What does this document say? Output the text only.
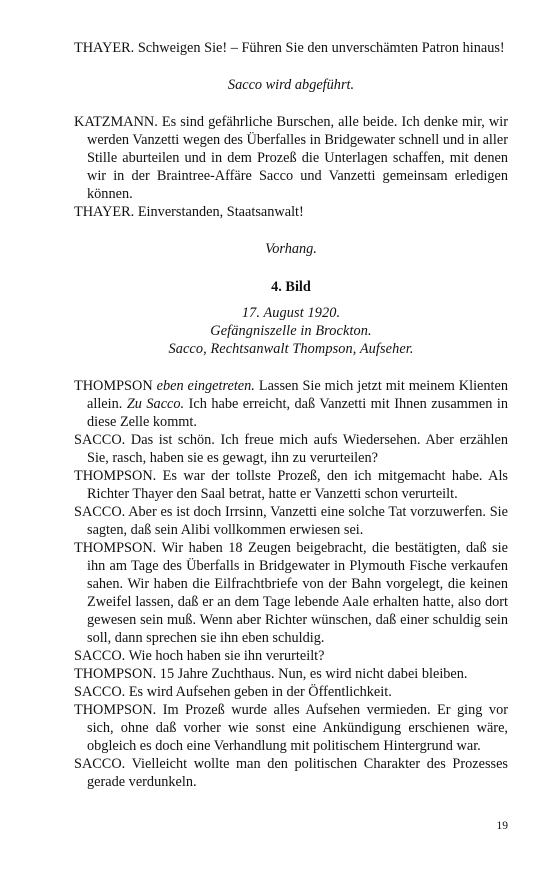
THAYER. Schweigen Sie! – Führen Sie den unverschämten Patron hinaus!

Sacco wird abgeführt.

KATZMANN. Es sind gefährliche Burschen, alle beide. Ich denke mir, wir werden Vanzetti wegen des Überfalles in Bridgewater schnell und in aller Stille aburteilen und in dem Prozeß die Unterlagen schaffen, mit denen wir in der Braintree-Affäre Sacco und Vanzetti gemeinsam erledigen können.

THAYER. Einverstanden, Staatsanwalt!

Vorhang.

4. Bild

17. August 1920.
Gefängniszelle in Brockton.
Sacco, Rechtsanwalt Thompson, Aufseher.

THOMPSON eben eingetreten. Lassen Sie mich jetzt mit meinem Klienten allein. Zu Sacco. Ich habe erreicht, daß Vanzetti mit Ihnen zusammen in diese Zelle kommt.

SACCO. Das ist schön. Ich freue mich aufs Wiedersehen. Aber erzählen Sie, rasch, haben sie es gewagt, ihn zu verurteilen?

THOMPSON. Es war der tollste Prozeß, den ich mitgemacht habe. Als Richter Thayer den Saal betrat, hatte er Vanzetti schon verurteilt.

SACCO. Aber es ist doch Irrsinn, Vanzetti eine solche Tat vorzuwerfen. Sie sagten, daß sein Alibi vollkommen erwiesen sei.

THOMPSON. Wir haben 18 Zeugen beigebracht, die bestätigten, daß sie ihn am Tage des Überfalls in Bridgewater in Plymouth Fische verkaufen sahen. Wir haben die Eilfrachtbriefe von der Bahn vorgelegt, die keinen Zweifel lassen, daß er an dem Tage lebende Aale erhalten hatte, also dort gewesen sein muß. Wenn aber Richter wünschen, daß einer schuldig sein soll, dann sprechen sie ihn eben schuldig.

SACCO. Wie hoch haben sie ihn verurteilt?

THOMPSON. 15 Jahre Zuchthaus. Nun, es wird nicht dabei bleiben.

SACCO. Es wird Aufsehen geben in der Öffentlichkeit.

THOMPSON. Im Prozeß wurde alles Aufsehen vermieden. Er ging vor sich, ohne daß vorher wie sonst eine Ankündigung erschienen wäre, obgleich es doch eine Verhandlung mit politischem Hintergrund war.

SACCO. Vielleicht wollte man den politischen Charakter des Prozesses gerade verdunkeln.

19
